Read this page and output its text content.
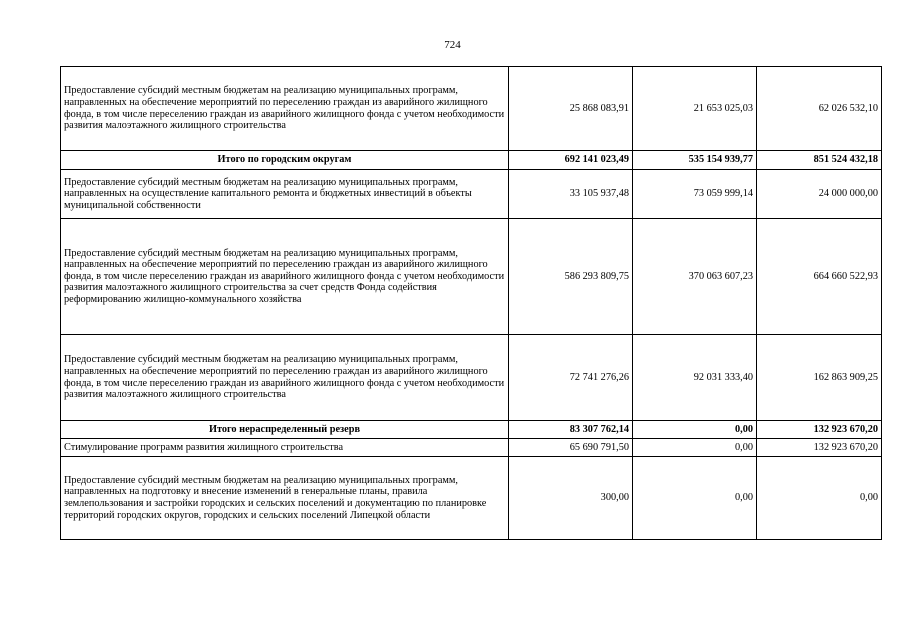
724
Предоставление субсидий местным бюджетам на реализацию муниципальных программ, направленных на обеспечение мероприятий по переселению граждан из аварийного жилищного фонда, в том числе переселению граждан из аварийного жилищного фонда с учетом необходимости развития малоэтажного жилищного строительства	25 868 083,91	21 653 025,03	62 026 532,10
Итого по городским округам	692 141 023,49	535 154 939,77	851 524 432,18
Предоставление субсидий местным бюджетам на реализацию муниципальных программ, направленных на осуществление капитального ремонта и бюджетных инвестиций в объекты муниципальной собственности	33 105 937,48	73 059 999,14	24 000 000,00
Предоставление субсидий местным бюджетам на реализацию муниципальных программ, направленных на обеспечение мероприятий по переселению граждан из аварийного жилищного фонда, в том числе переселению граждан из аварийного жилищного фонда с учетом необходимости развития малоэтажного жилищного строительства за счет средств Фонда содействия реформированию жилищно-коммунального хозяйства	586 293 809,75	370 063 607,23	664 660 522,93
Предоставление субсидий местным бюджетам на реализацию муниципальных программ, направленных на обеспечение мероприятий по переселению граждан из аварийного жилищного фонда, в том числе переселению граждан из аварийного жилищного фонда с учетом необходимости развития малоэтажного жилищного строительства	72 741 276,26	92 031 333,40	162 863 909,25
Итого нераспределенный резерв	83 307 762,14	0,00	132 923 670,20
Стимулирование программ развития жилищного строительства	65 690 791,50	0,00	132 923 670,20
Предоставление субсидий местным бюджетам на реализацию муниципальных программ, направленных на подготовку и внесение изменений в генеральные планы, правила землепользования и застройки городских и сельских поселений и документацию по планировке территорий городских округов, городских и сельских поселений Липецкой области	300,00	0,00	0,00
